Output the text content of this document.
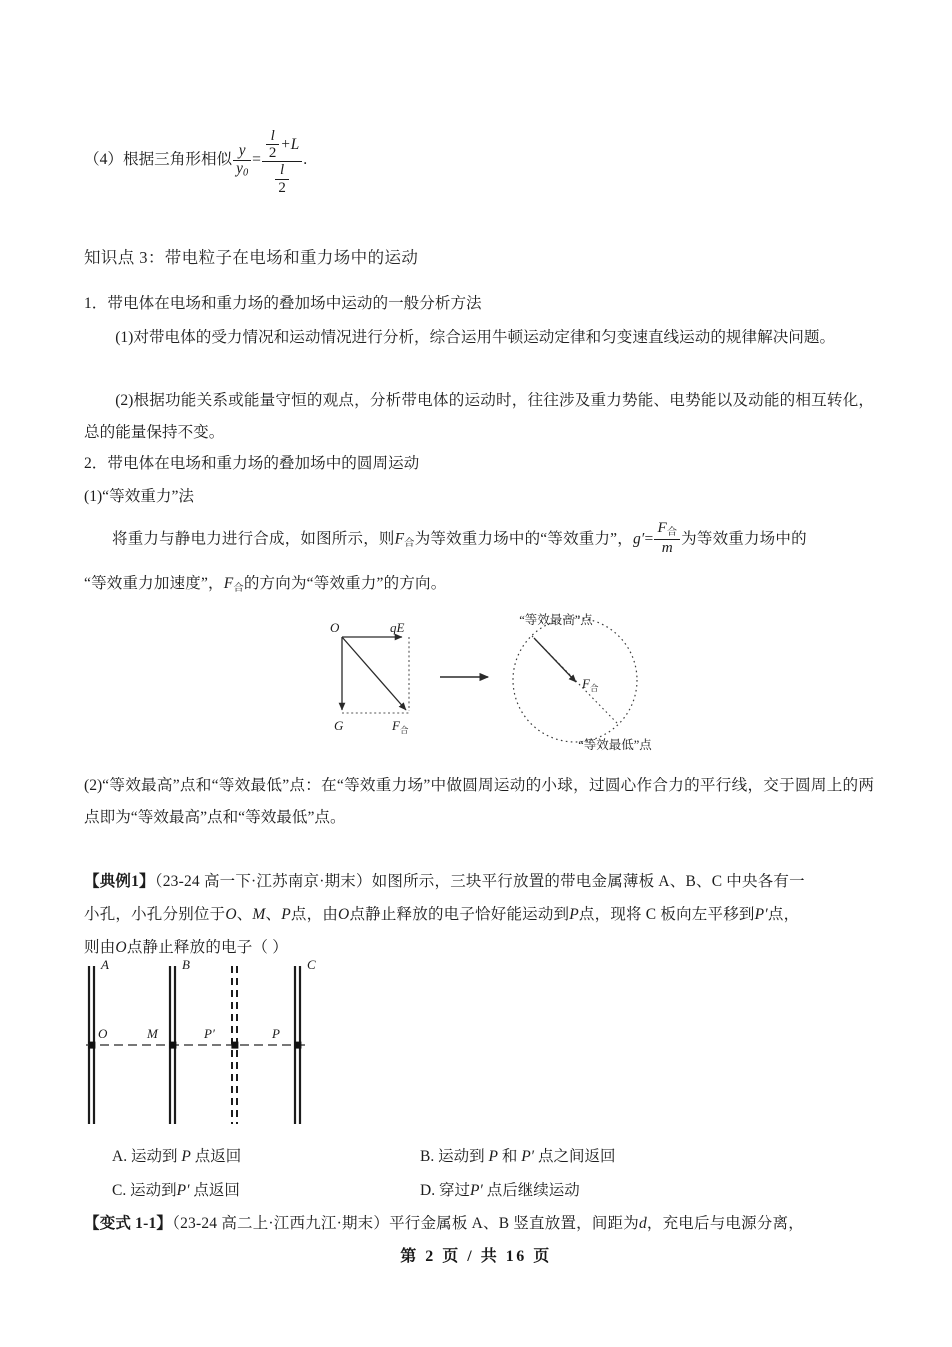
（4）根据三角形相似 $\frac{y}{y0} = \frac{\frac{l}{2} +L}{\frac{l}{2}}$ .
知识点 3：带电粒子在电场和重力场中的运动
1．带电体在电场和重力场的叠加场中运动的一般分析方法
(1)对带电体的受力情况和运动情况进行分析，综合运用牛顿运动定律和匀变速直线运动的规律解决问题。
(2)根据功能关系或能量守恒的观点，分析带电体的运动时，往往涉及重力势能、电势能以及动能的相互转化，总的能量保持不变。
2．带电体在电场和重力场的叠加场中的圆周运动
(1)“等效重力”法
将重力与静电力进行合成，如图所示，则$F_合$为等效重力场中的“等效重力”，$g'= \frac{F_合}{m}$ 为等效重力场中的
“等效重力加速度”，$F_合$的方向为“等效重力”的方向。
O	qE
G	$F_合$
“等效最高”点
$F_合$
“等效最低”点
(2)“等效最高”点和“等效最低”点：在“等效重力场”中做圆周运动的小球，过圆心作合力的平行线，交于圆周上的两点即为“等效最高”点和“等效最低”点。
【典例1】（23-24 高一下·江苏南京·期末）如图所示，三块平行放置的带电金属薄板 A、B、C 中央各有一
小孔，小孔分别位于O、M、P点，由O点静止释放的电子恰好能运动到P点，现将 C 板向左平移到P′点，
则由O点静止释放的电子（ ）
A	B	C
O	M	P′	P
A. 运动到 P 点返回	B. 运动到 P 和 P′ 点之间返回
C. 运动到P′ 点返回	D. 穿过P′ 点后继续运动
【变式 1-1】（23-24 高二上·江西九江·期末）平行金属板 A、B 竖直放置，间距为d，充电后与电源分离，
第 2 页 / 共 16 页
